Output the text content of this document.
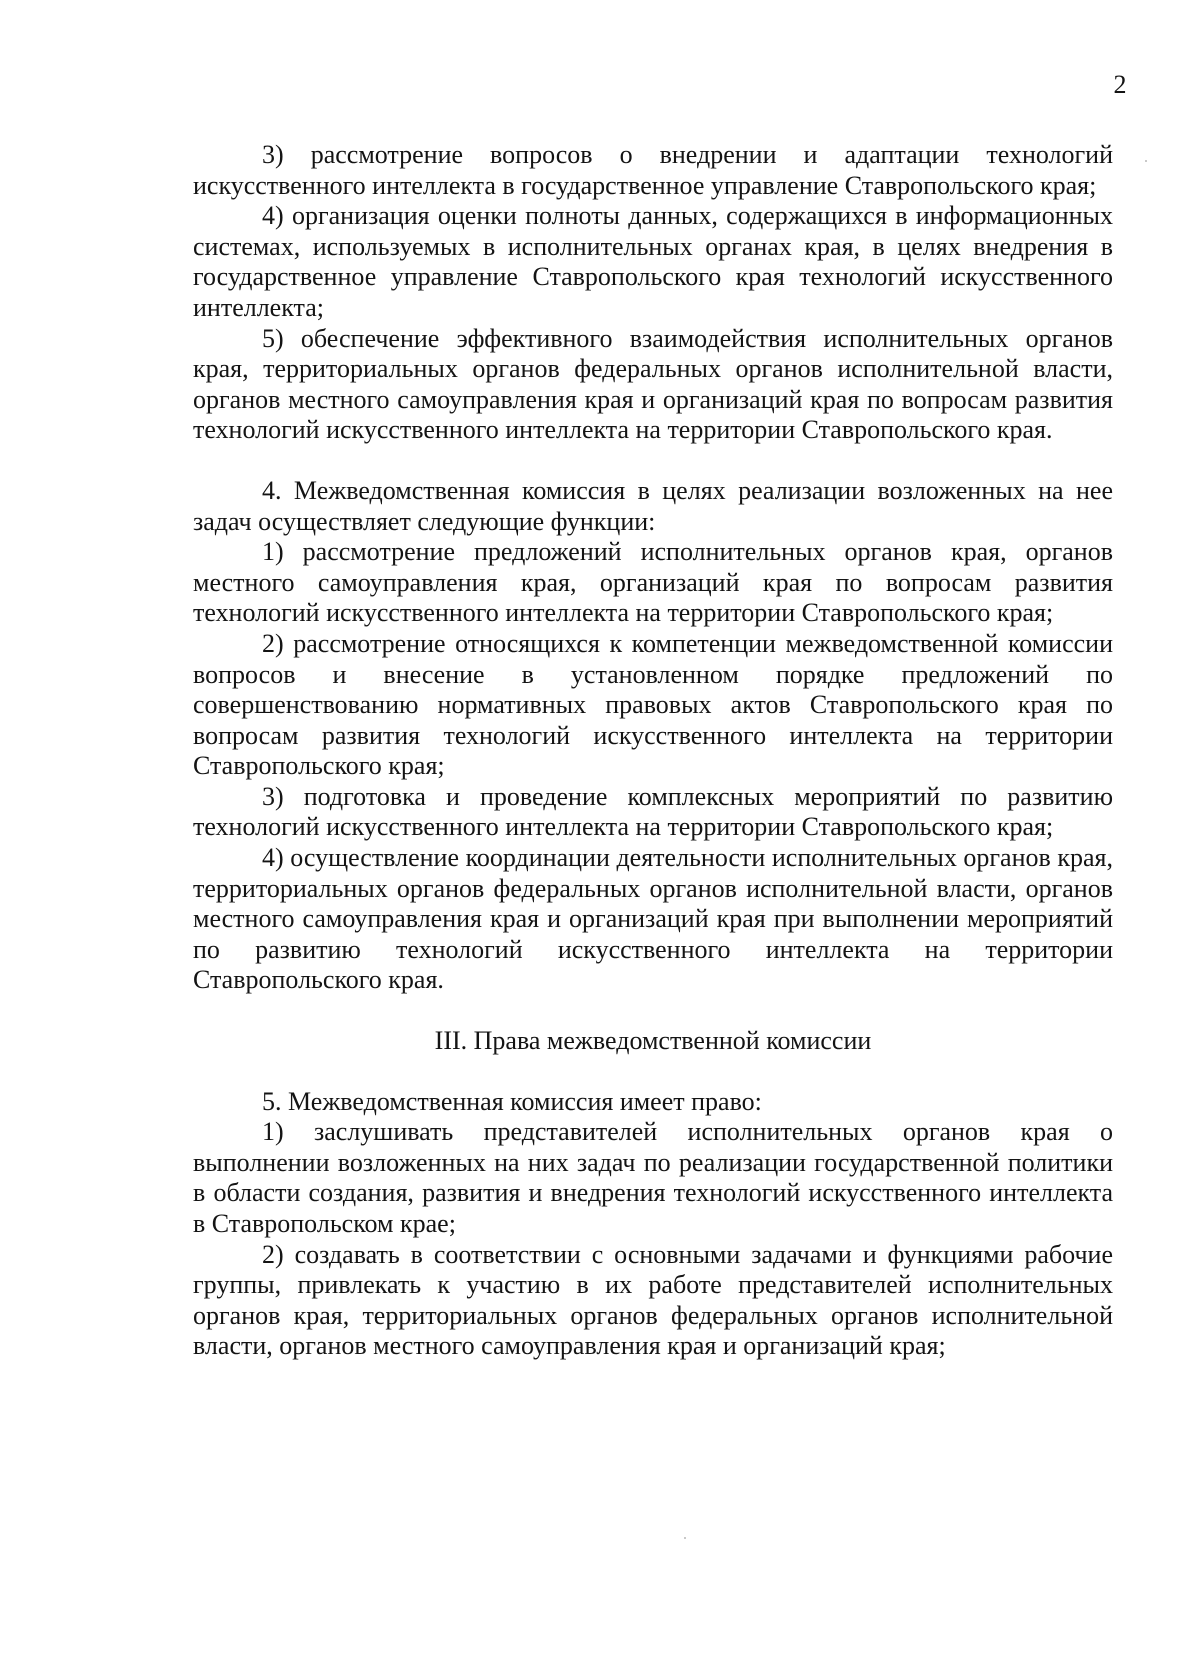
2

3) рассмотрение вопросов о внедрении и адаптации технологий искусственного интеллекта в государственное управление Ставропольского края;

4) организация оценки полноты данных, содержащихся в информационных системах, используемых в исполнительных органах края, в целях внедрения в государственное управление Ставропольского края технологий искусственного интеллекта;

5) обеспечение эффективного взаимодействия исполнительных органов края, территориальных органов федеральных органов исполнительной власти, органов местного самоуправления края и организаций края по вопросам развития технологий искусственного интеллекта на территории Ставропольского края.

4. Межведомственная комиссия в целях реализации возложенных на нее задач осуществляет следующие функции:

1) рассмотрение предложений исполнительных органов края, органов местного самоуправления края, организаций края по вопросам развития технологий искусственного интеллекта на территории Ставропольского края;

2) рассмотрение относящихся к компетенции межведомственной комиссии вопросов и внесение в установленном порядке предложений по совершенствованию нормативных правовых актов Ставропольского края по вопросам развития технологий искусственного интеллекта на территории Ставропольского края;

3) подготовка и проведение комплексных мероприятий по развитию технологий искусственного интеллекта на территории Ставропольского края;

4) осуществление координации деятельности исполнительных органов края, территориальных органов федеральных органов исполнительной власти, органов местного самоуправления края и организаций края при выполнении мероприятий по развитию технологий искусственного интеллекта на территории Ставропольского края.

III. Права межведомственной комиссии

5. Межведомственная комиссия имеет право:

1) заслушивать представителей исполнительных органов края о выполнении возложенных на них задач по реализации государственной политики в области создания, развития и внедрения технологий искусственного интеллекта в Ставропольском крае;

2) создавать в соответствии с основными задачами и функциями рабочие группы, привлекать к участию в их работе представителей исполнительных органов края, территориальных органов федеральных органов исполнительной власти, органов местного самоуправления края и организаций края;
